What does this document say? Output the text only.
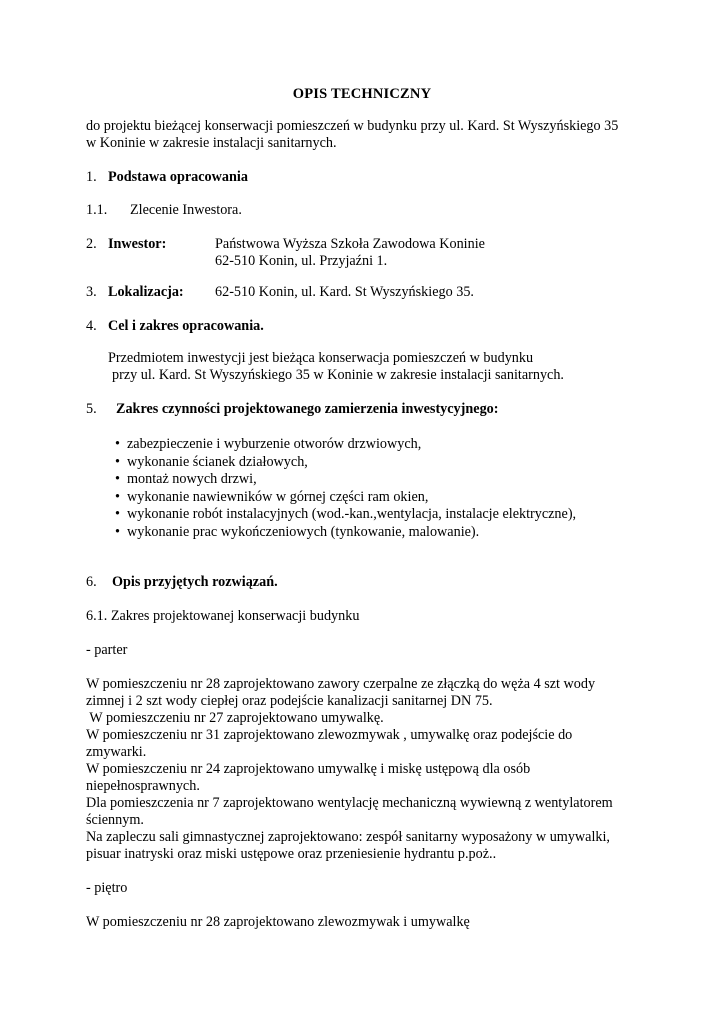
OPIS TECHNICZNY
do projektu bieżącej konserwacji pomieszczeń w budynku przy ul. Kard. St Wyszyńskiego 35
w Koninie w zakresie instalacji sanitarnych.
1. Podstawa opracowania
1.1. Zlecenie Inwestora.
2. Inwestor:	Państwowa Wyższa Szkoła Zawodowa Koninie
62-510 Konin, ul. Przyjaźni 1.
3. Lokalizacja: 62-510 Konin, ul. Kard. St Wyszyńskiego 35.
4. Cel i zakres opracowania.
Przedmiotem inwestycji jest bieżąca konserwacja pomieszczeń w budynku
przy ul. Kard. St Wyszyńskiego 35 w Koninie w zakresie instalacji sanitarnych.
5. Zakres czynności projektowanego zamierzenia inwestycyjnego:
• zabezpieczenie i wyburzenie otworów drzwiowych,
• wykonanie ścianek działowych,
• montaż nowych drzwi,
• wykonanie nawiewników w górnej części ram okien,
• wykonanie robót instalacyjnych (wod.-kan.,wentylacja, instalacje elektryczne),
• wykonanie prac wykończeniowych (tynkowanie, malowanie).
6. Opis przyjętych rozwiązań.
6.1. Zakres projektowanej konserwacji budynku
- parter
W pomieszczeniu nr 28 zaprojektowano zawory czerpalne ze złączką do węża 4 szt wody
zimnej i 2 szt wody ciepłej oraz podejście kanalizacji sanitarnej DN 75.
W pomieszczeniu nr 27 zaprojektowano umywalkę.
W pomieszczeniu nr 31 zaprojektowano zlewozmywak , umywalkę oraz podejście do
zmywarki.
W pomieszczeniu nr 24 zaprojektowano umywalkę i miskę ustępową dla osób
niepełnosprawnych.
Dla pomieszczenia nr 7 zaprojektowano wentylację mechaniczną wywiewną z wentylatorem
ściennym.
Na zapleczu sali gimnastycznej zaprojektowano: zespół sanitarny wyposażony w umywalki,
pisuar inatryski oraz miski ustępowe oraz przeniesienie hydrantu p.poż..
- piętro
W pomieszczeniu nr 28 zaprojektowano zlewozmywak i umywalkę
